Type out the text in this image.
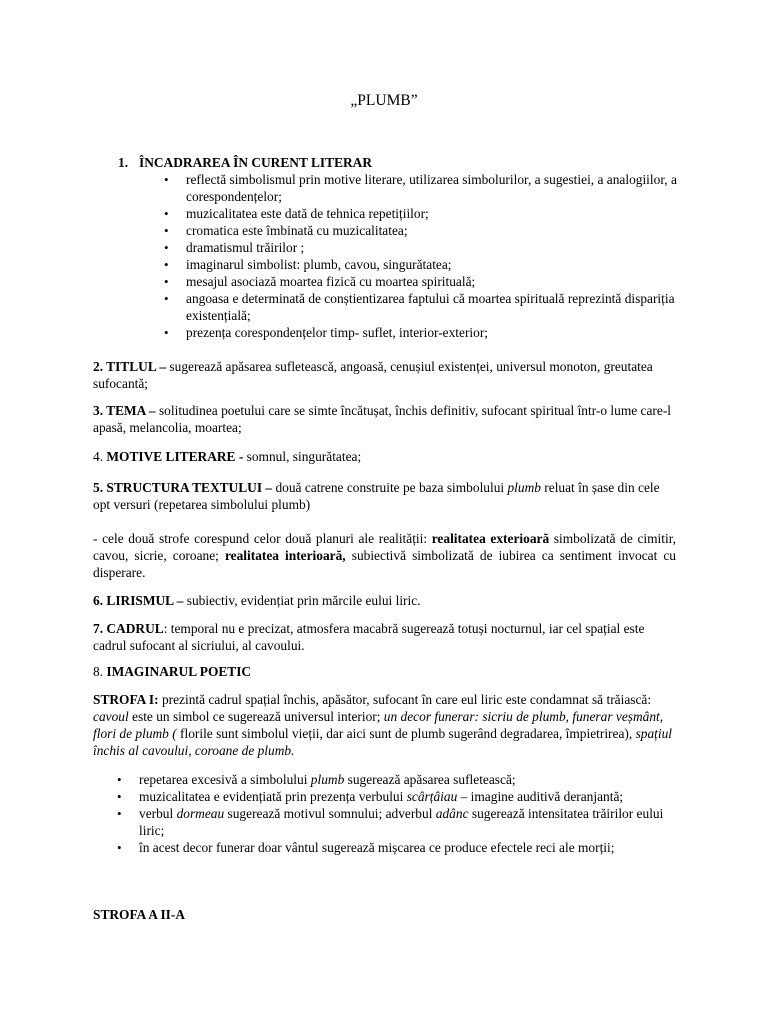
„PLUMB”
1. ÎNCADRAREA ÎN CURENT LITERAR
• reflectă simbolismul prin motive literare, utilizarea simbolurilor, a sugestiei, a analogiilor, a corespondențelor;
• muzicalitatea este dată de tehnica repetițiilor;
• cromatica este îmbinată cu muzicalitatea;
• dramatismul trăirilor ;
• imaginarul simbolist: plumb, cavou, singurătatea;
• mesajul asociază moartea fizică cu moartea spirituală;
• angoasa e determinată de conștientizarea faptului că moartea spirituală reprezintă dispariția existențială;
• prezența corespondențelor timp- suflet, interior-exterior;

2. TITLUL – sugerează apăsarea sufletească, angoasă, cenușiul existenței, universul monoton, greutatea sufocantă;

3. TEMA – solitudinea poetului care se simte încătușat, închis definitiv, sufocant spiritual într-o lume care-l apasă, melancolia, moartea;

4. MOTIVE LITERARE - somnul, singurătatea;

5. STRUCTURA TEXTULUI – două catrene construite pe baza simbolului plumb reluat în șase din cele opt versuri (repetarea simbolului plumb)

- cele două strofe corespund celor două planuri ale realității: realitatea exterioară simbolizată de cimitir, cavou, sicrie, coroane; realitatea interioară, subiectivă simbolizată de iubirea ca sentiment invocat cu disperare.

6. LIRISMUL – subiectiv, evidențiat prin mărcile eului liric.

7. CADRUL: temporal nu e precizat, atmosfera macabră sugerează totuși nocturnul, iar cel spațial este cadrul sufocant al sicriului, al cavoului.

8. IMAGINARUL POETIC

STROFA I: prezintă cadrul spațial închis, apăsător, sufocant în care eul liric este condamnat să trăiască: cavoul este un simbol ce sugerează universul interior; un decor funerar: sicriu de plumb, funerar veșmânt, flori de plumb ( florile sunt simbolul vieții, dar aici sunt de plumb sugerând degradarea, împietrirea), spațiul închis al cavoului, coroane de plumb.

• repetarea excesivă a simbolului plumb sugerează apăsarea sufletească;
• muzicalitatea e evidențiată prin prezența verbului scârțâiau – imagine auditivă deranjantă;
• verbul dormeau sugerează motivul somnului; adverbul adânc sugerează intensitatea trăirilor eului liric;
• în acest decor funerar doar vântul sugerează mișcarea ce produce efectele reci ale morții;

STROFA A II-A
